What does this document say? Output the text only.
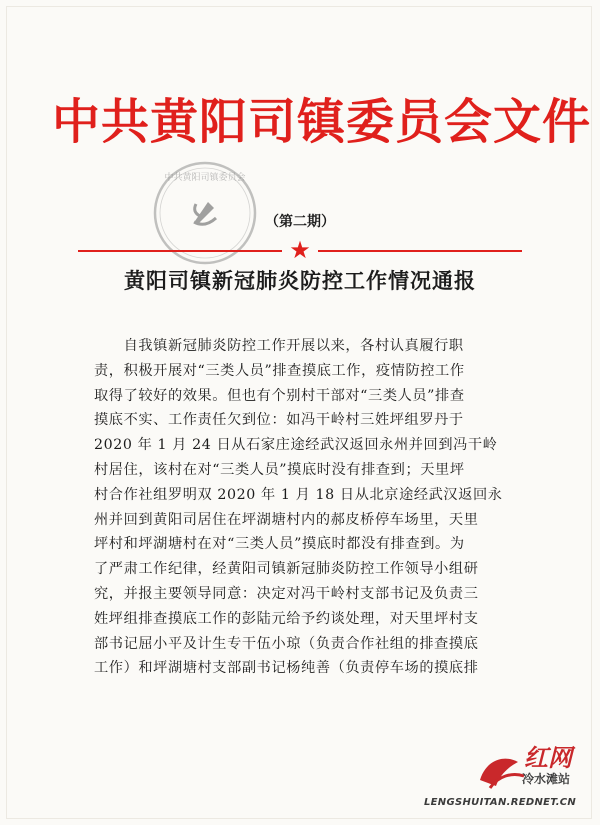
中共黄阳司镇委员会文件
中共黄阳司镇委员会
（第二期）
★
黄阳司镇新冠肺炎防控工作情况通报
　　自我镇新冠肺炎防控工作开展以来，各村认真履行职
责，积极开展对“三类人员”排查摸底工作，疫情防控工作
取得了较好的效果。但也有个别村干部对“三类人员”排查
摸底不实、工作责任欠到位：如冯干岭村三姓坪组罗丹于
2020 年 1 月 24 日从石家庄途经武汉返回永州并回到冯干岭
村居住，该村在对“三类人员”摸底时没有排查到；天里坪
村合作社组罗明双 2020 年 1 月 18 日从北京途经武汉返回永
州并回到黄阳司居住在坪湖塘村内的郝皮桥停车场里，天里
坪村和坪湖塘村在对“三类人员”摸底时都没有排查到。为
了严肃工作纪律，经黄阳司镇新冠肺炎防控工作领导小组研
究，并报主要领导同意：决定对冯干岭村支部书记及负责三
姓坪组排查摸底工作的彭陆元给予约谈处理，对天里坪村支
部书记屈小平及计生专干伍小琼（负责合作社组的排查摸底
工作）和坪湖塘村支部副书记杨纯善（负责停车场的摸底排
红网
冷水滩站
LENGSHUITAN.REDNET.CN
